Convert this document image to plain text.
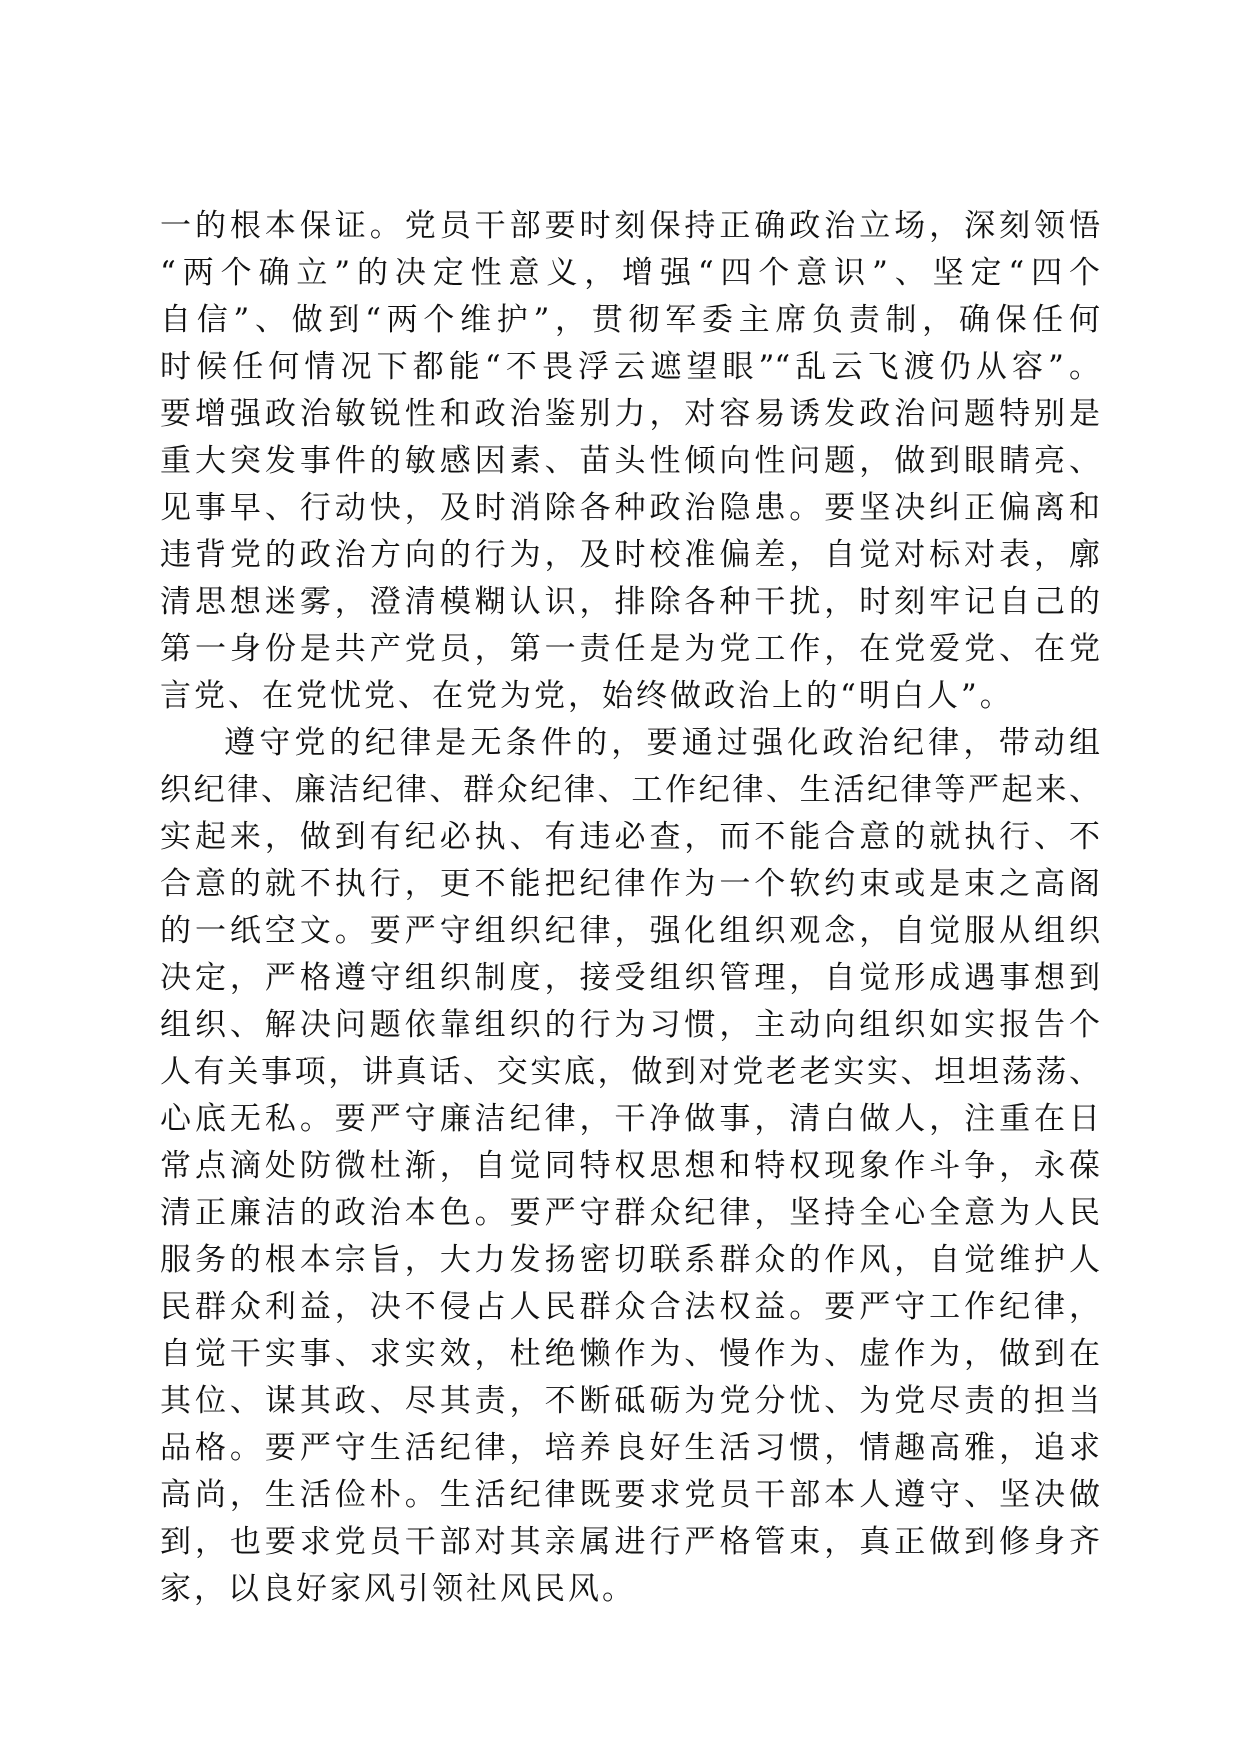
一的根本保证。党员干部要时刻保持正确政治立场，深刻领悟
“两个确立”的决定性意义，增强“四个意识”、坚定“四个
自信”、做到“两个维护”，贯彻军委主席负责制，确保任何
时候任何情况下都能“不畏浮云遮望眼”“乱云飞渡仍从容”。
要增强政治敏锐性和政治鉴别力，对容易诱发政治问题特别是
重大突发事件的敏感因素、苗头性倾向性问题，做到眼睛亮、
见事早、行动快，及时消除各种政治隐患。要坚决纠正偏离和
违背党的政治方向的行为，及时校准偏差，自觉对标对表，廓
清思想迷雾，澄清模糊认识，排除各种干扰，时刻牢记自己的
第一身份是共产党员，第一责任是为党工作，在党爱党、在党
言党、在党忧党、在党为党，始终做政治上的“明白人”。
遵守党的纪律是无条件的，要通过强化政治纪律，带动组
织纪律、廉洁纪律、群众纪律、工作纪律、生活纪律等严起来、
实起来，做到有纪必执、有违必查，而不能合意的就执行、不
合意的就不执行，更不能把纪律作为一个软约束或是束之高阁
的一纸空文。要严守组织纪律，强化组织观念，自觉服从组织
决定，严格遵守组织制度，接受组织管理，自觉形成遇事想到
组织、解决问题依靠组织的行为习惯，主动向组织如实报告个
人有关事项，讲真话、交实底，做到对党老老实实、坦坦荡荡、
心底无私。要严守廉洁纪律，干净做事，清白做人，注重在日
常点滴处防微杜渐，自觉同特权思想和特权现象作斗争，永葆
清正廉洁的政治本色。要严守群众纪律，坚持全心全意为人民
服务的根本宗旨，大力发扬密切联系群众的作风，自觉维护人
民群众利益，决不侵占人民群众合法权益。要严守工作纪律，
自觉干实事、求实效，杜绝懒作为、慢作为、虚作为，做到在
其位、谋其政、尽其责，不断砥砺为党分忧、为党尽责的担当
品格。要严守生活纪律，培养良好生活习惯，情趣高雅，追求
高尚，生活俭朴。生活纪律既要求党员干部本人遵守、坚决做
到，也要求党员干部对其亲属进行严格管束，真正做到修身齐
家，以良好家风引领社风民风。
